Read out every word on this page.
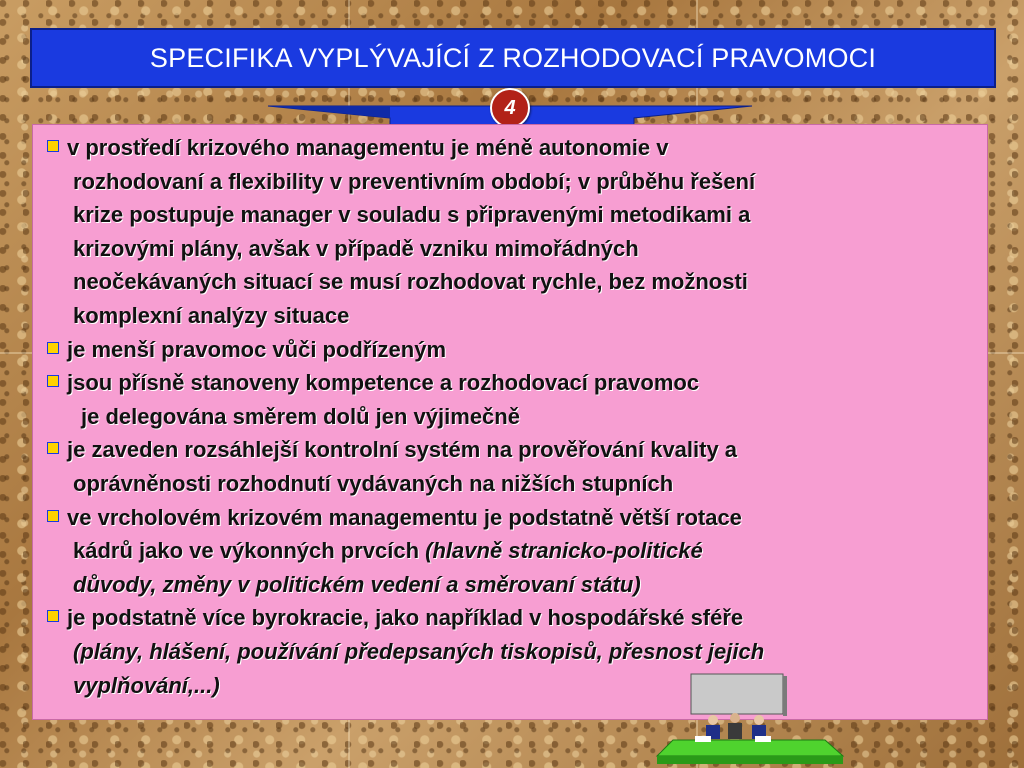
SPECIFIKA VYPLÝVAJÍCÍ Z ROZHODOVACÍ PRAVOMOCI
4
v prostředí krizového managementu je méně autonomie v
rozhodovaní a flexibility v preventivním období; v průběhu řešení
krize postupuje manager v souladu s připravenými metodikami a
krizovými plány, avšak v případě vzniku mimořádných
neočekávaných situací se musí rozhodovat rychle, bez možnosti
komplexní analýzy situace
je menší pravomoc vůči podřízeným
jsou přísně stanoveny kompetence a rozhodovací pravomoc
je delegována směrem dolů jen výjimečně
je zaveden rozsáhlejší kontrolní systém na prověřování kvality a
oprávněnosti rozhodnutí vydávaných na nižších stupních
ve vrcholovém krizovém managementu je podstatně větší rotace
kádrů jako ve výkonných prvcích (hlavně stranicko-politické
důvody, změny v politickém vedení a směrovaní státu)
je podstatně více byrokracie, jako například v hospodářské sféře
(plány, hlášení, používání předepsaných tiskopisů, přesnost jejich
vyplňování,...)
